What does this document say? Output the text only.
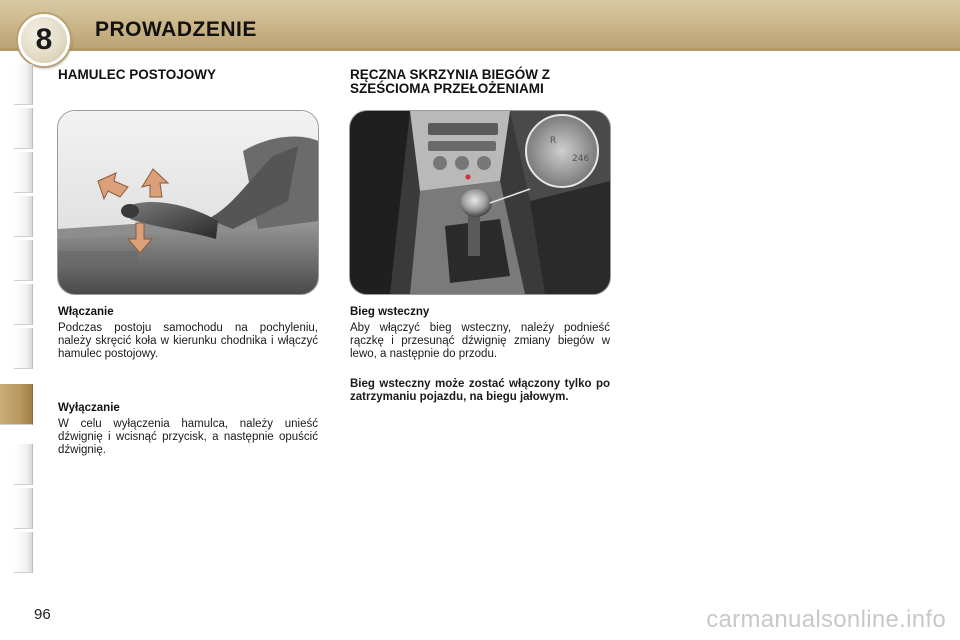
8	PROWADZENIE
HAMULEC POSTOJOWY
Włączanie
Podczas postoju samochodu na pochyleniu, należy skręcić koła w kierunku chodnika i włączyć hamulec postojowy.
Wyłączanie
W celu wyłączenia hamulca, należy unieść dźwignię i wcisnąć przycisk, a następnie opuścić dźwignię.
RĘCZNA SKRZYNIA BIEGÓW Z
SZEŚCIOMA PRZEŁOŻENIAMI
R
246
Bieg wsteczny
Aby włączyć bieg wsteczny, należy podnieść rączkę i przesunąć dźwignię zmiany biegów w lewo, a następnie do przodu.
Bieg wsteczny może zostać włączony tylko po zatrzymaniu pojazdu, na biegu jałowym.
96	carmanualsonline.info
